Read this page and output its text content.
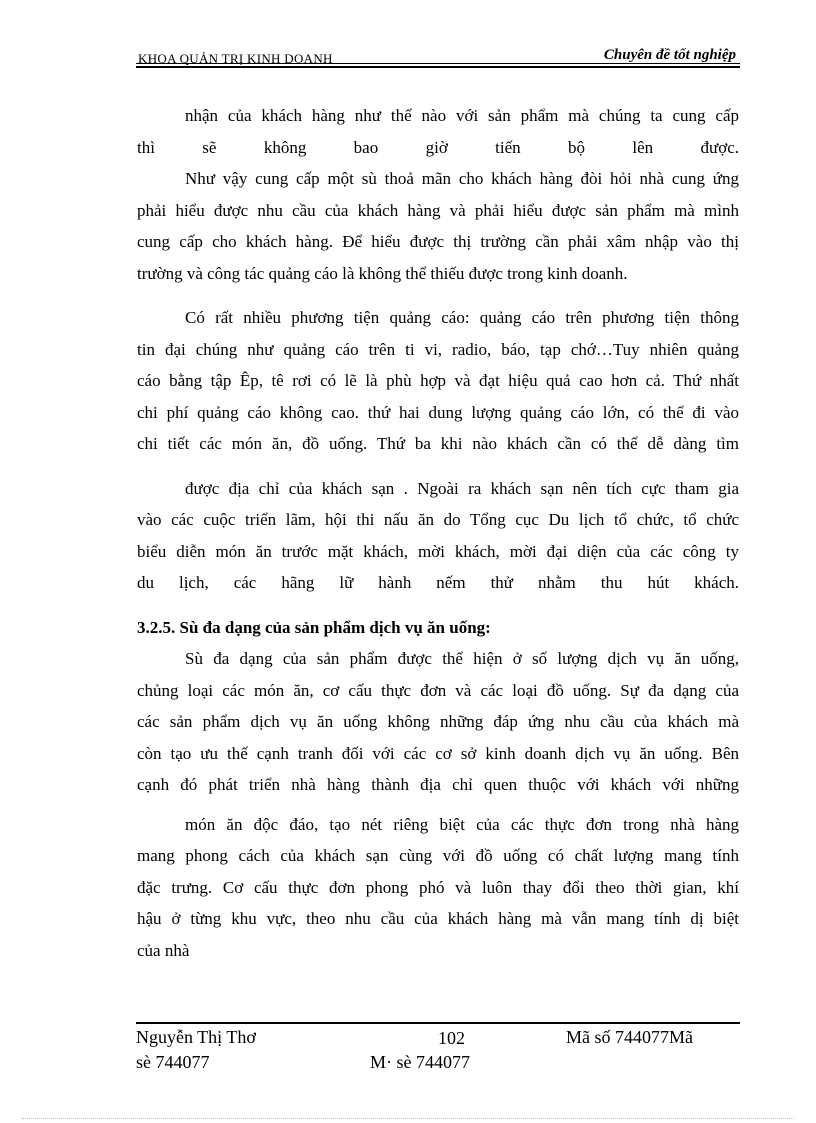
KHOA QUẢN TRỊ KINH DOANH	Chuyên đề tốt nghiệp
nhận của khách hàng như thế nào với sản phẩm mà chúng ta cung cấp
thì sẽ không bao giờ tiến bộ lên được.
Như vậy cung cấp một sù thoả mãn cho khách hàng đòi hỏi nhà cung ứng
phải hiểu được nhu cầu của khách hàng và phải hiểu được sản phẩm mà mình
cung cấp cho khách hàng. Để hiểu được thị trường cần phải xâm nhập vào thị
trường và công tác quảng cáo là không thể thiếu được trong kinh doanh.
Có rất nhiều phương tiện quảng cáo: quảng cáo trên phương tiện thông
tin đại chúng như quảng cáo trên ti vi, radio, báo, tạp chớ…Tuy nhiên quảng
cáo bằng tập Êp, tê rơi có lẽ là phù hợp và đạt hiệu quả cao hơn cả. Thứ nhất
chi phí quảng cáo không cao. thứ hai dung lượng quảng cáo lớn, có thể đi vào
chi tiết các món ăn, đồ uống. Thứ ba khi nào khách cần có thể dễ dàng tìm
được địa chỉ của khách sạn . Ngoài ra khách sạn nên tích cực tham gia
vào các cuộc triển lãm, hội thi nấu ăn do Tổng cục Du lịch tổ chức, tổ chức
biểu diễn món ăn trước mặt khách, mời khách, mời đại diện của các công ty
du lịch, các hãng lữ hành nếm thử nhằm thu hút khách.
3.2.5. Sù đa dạng của sản phẩm dịch vụ ăn uống:
Sù đa dạng của sản phẩm được thể hiện ở số lượng dịch vụ ăn uống,
chủng loại các món ăn, cơ cấu thực đơn và các loại đồ uống. Sự đa dạng của
các sản phẩm dịch vụ ăn uống không những đáp ứng nhu cầu của khách mà
còn tạo ưu thế cạnh tranh đối với các cơ sở kinh doanh dịch vụ ăn uống. Bên
cạnh đó phát triển nhà hàng thành địa chỉ quen thuộc với khách với những
món ăn độc đáo, tạo nét riêng biệt của các thực đơn trong nhà hàng
mang phong cách của khách sạn cùng với đồ uống có chất lượng mang tính
đặc trưng. Cơ cấu thực đơn phong phó và luôn thay đổi theo thời gian, khí
hậu ở từng khu vực, theo nhu cầu của khách hàng mà vẫn mang tính dị biệt
của nhà
Nguyễn Thị Thơ	102	Mã số 744077Mã
sè 744077	M· sè 744077
